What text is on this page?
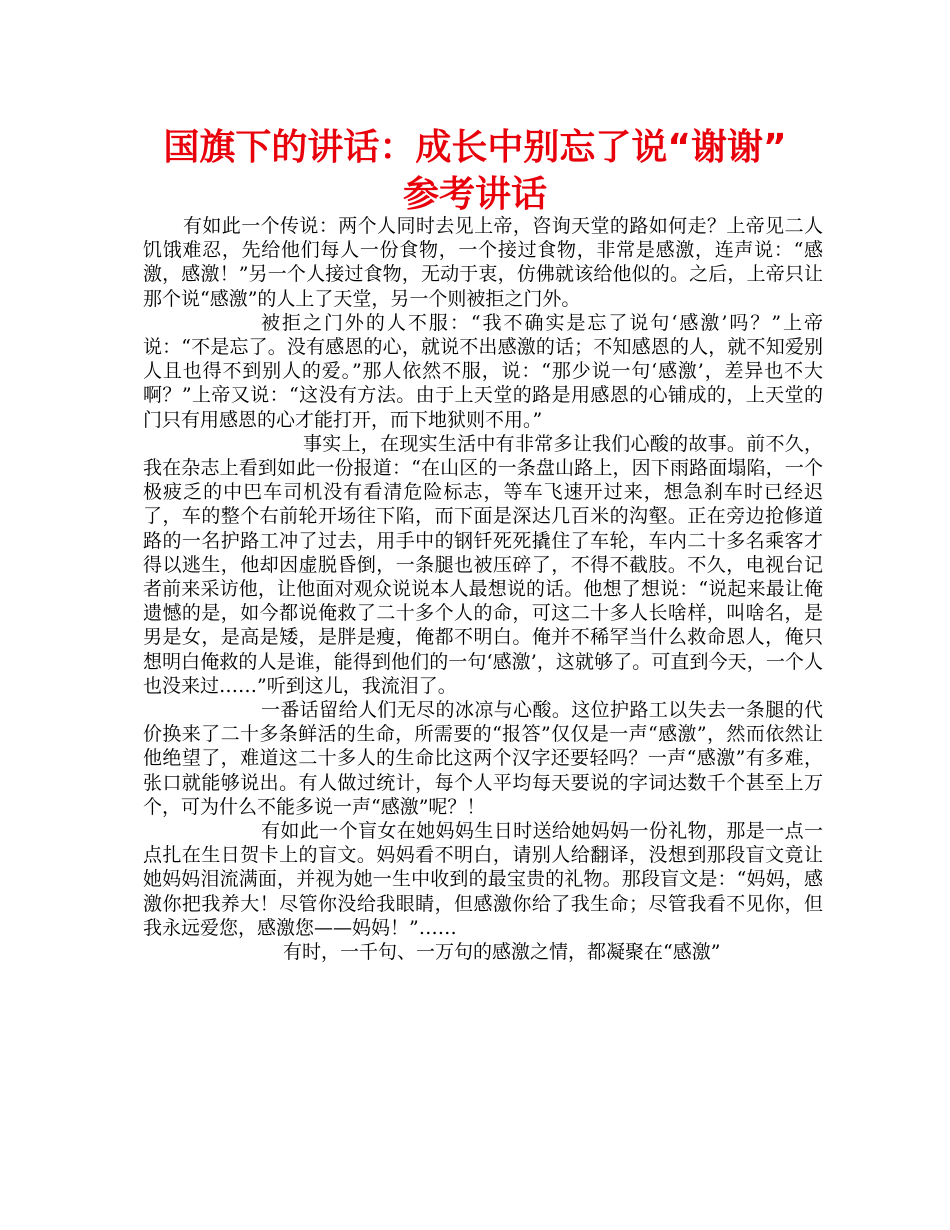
国旗下的讲话：成长中别忘了说“谢谢”
参考讲话

有如此一个传说：两个人同时去见上帝，咨询天堂的路如何走？上帝见二人饥饿难忍，先给他们每人一份食物，一个接过食物，非常是感激，连声说：“感激，感激！”另一个人接过食物，无动于衷，仿佛就该给他似的。之后，上帝只让那个说“感激”的人上了天堂，另一个则被拒之门外。

被拒之门外的人不服：“我不确实是忘了说句‘感激’吗？”上帝说：“不是忘了。没有感恩的心，就说不出感激的话；不知感恩的人，就不知爱别人且也得不到别人的爱。”那人依然不服，说：“那少说一句‘感激’，差异也不大啊？”上帝又说：“这没有方法。由于上天堂的路是用感恩的心铺成的，上天堂的门只有用感恩的心才能打开，而下地狱则不用。”

事实上，在现实生活中有非常多让我们心酸的故事。前不久，我在杂志上看到如此一份报道：“在山区的一条盘山路上，因下雨路面塌陷，一个极疲乏的中巴车司机没有看清危险标志，等车飞速开过来，想急刹车时已经迟了，车的整个右前轮开场往下陷，而下面是深达几百米的沟壑。正在旁边抢修道路的一名护路工冲了过去，用手中的钢钎死死撬住了车轮，车内二十多名乘客才得以逃生，他却因虚脱昏倒，一条腿也被压碎了，不得不截肢。不久，电视台记者前来采访他，让他面对观众说说本人最想说的话。他想了想说：“说起来最让俺遗憾的是，如今都说俺救了二十多个人的命，可这二十多人长啥样，叫啥名，是男是女，是高是矮，是胖是瘦，俺都不明白。俺并不稀罕当什么救命恩人，俺只想明白俺救的人是谁，能得到他们的一句‘感激’，这就够了。可直到今天，一个人也没来过……”听到这儿，我流泪了。

一番话留给人们无尽的冰凉与心酸。这位护路工以失去一条腿的代价换来了二十多条鲜活的生命，所需要的“报答”仅仅是一声“感激”，然而依然让他绝望了，难道这二十多人的生命比这两个汉字还要轻吗？一声“感激”有多难，张口就能够说出。有人做过统计，每个人平均每天要说的字词达数千个甚至上万个，可为什么不能多说一声“感激”呢？！

有如此一个盲女在她妈妈生日时送给她妈妈一份礼物，那是一点一点扎在生日贺卡上的盲文。妈妈看不明白，请别人给翻译，没想到那段盲文竟让她妈妈泪流满面，并视为她一生中收到的最宝贵的礼物。那段盲文是：“妈妈，感激你把我养大！尽管你没给我眼睛，但感激你给了我生命；尽管我看不见你，但我永远爱您，感激您——妈妈！”……

有时，一千句、一万句的感激之情，都凝聚在“感激”
